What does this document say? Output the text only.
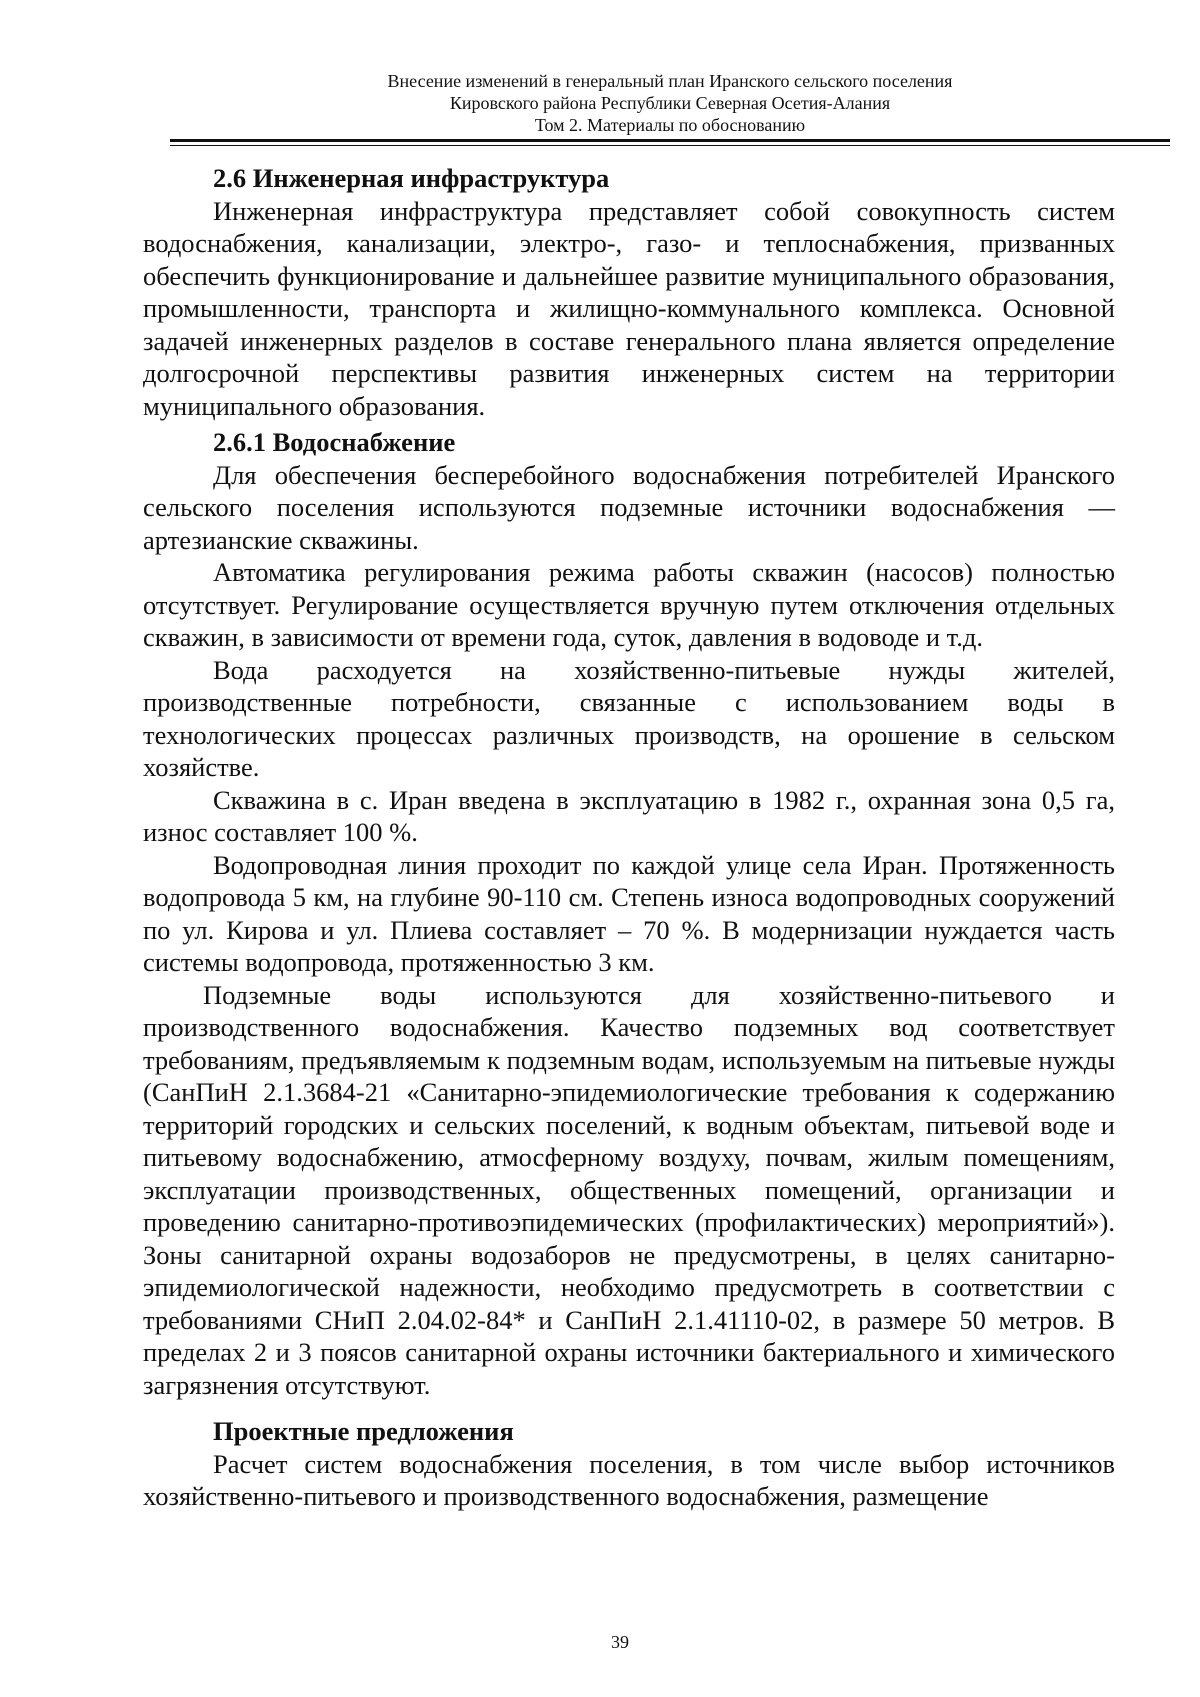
Внесение изменений в генеральный план Иранского сельского поселения
Кировского района Республики Северная Осетия-Алания
Том 2. Материалы по обоснованию
2.6 Инженерная инфраструктура

Инженерная инфраструктура представляет собой совокупность систем водоснабжения, канализации, электро-, газо- и теплоснабжения, призванных обеспечить функционирование и дальнейшее развитие муниципального образования, промышленности, транспорта и жилищно-коммунального комплекса. Основной задачей инженерных разделов в составе генерального плана является определение долгосрочной перспективы развития инженерных систем на территории муниципального образования.

2.6.1 Водоснабжение

Для обеспечения бесперебойного водоснабжения потребителей Иранского сельского поселения используются подземные источники водоснабжения — артезианские скважины.

Автоматика регулирования режима работы скважин (насосов) полностью отсутствует. Регулирование осуществляется вручную путем отключения отдельных скважин, в зависимости от времени года, суток, давления в водоводе и т.д.

Вода расходуется на хозяйственно-питьевые нужды жителей, производственные потребности, связанные с использованием воды в технологических процессах различных производств, на орошение в сельском хозяйстве.

Скважина в с. Иран введена в эксплуатацию в 1982 г., охранная зона 0,5 га, износ составляет 100 %.

Водопроводная линия проходит по каждой улице села Иран. Протяженность водопровода 5 км, на глубине 90-110 см. Степень износа водопроводных сооружений по ул. Кирова и ул. Плиева составляет – 70 %. В модернизации нуждается часть системы водопровода, протяженностью 3 км.

Подземные воды используются для хозяйственно-питьевого и производственного водоснабжения. Качество подземных вод соответствует требованиям, предъявляемым к подземным водам, используемым на питьевые нужды (СанПиН 2.1.3684-21 «Санитарно-эпидемиологические требования к содержанию территорий городских и сельских поселений, к водным объектам, питьевой воде и питьевому водоснабжению, атмосферному воздуху, почвам, жилым помещениям, эксплуатации производственных, общественных помещений, организации и проведению санитарно-противоэпидемических (профилактических) мероприятий»). Зоны санитарной охраны водозаборов не предусмотрены, в целях санитарно-эпидемиологической надежности, необходимо предусмотреть в соответствии с требованиями СНиП 2.04.02-84* и СанПиН 2.1.41110-02, в размере 50 метров. В пределах 2 и 3 поясов санитарной охраны источники бактериального и химического загрязнения отсутствуют.

Проектные предложения

Расчет систем водоснабжения поселения, в том числе выбор источников хозяйственно-питьевого и производственного водоснабжения, размещение

39
